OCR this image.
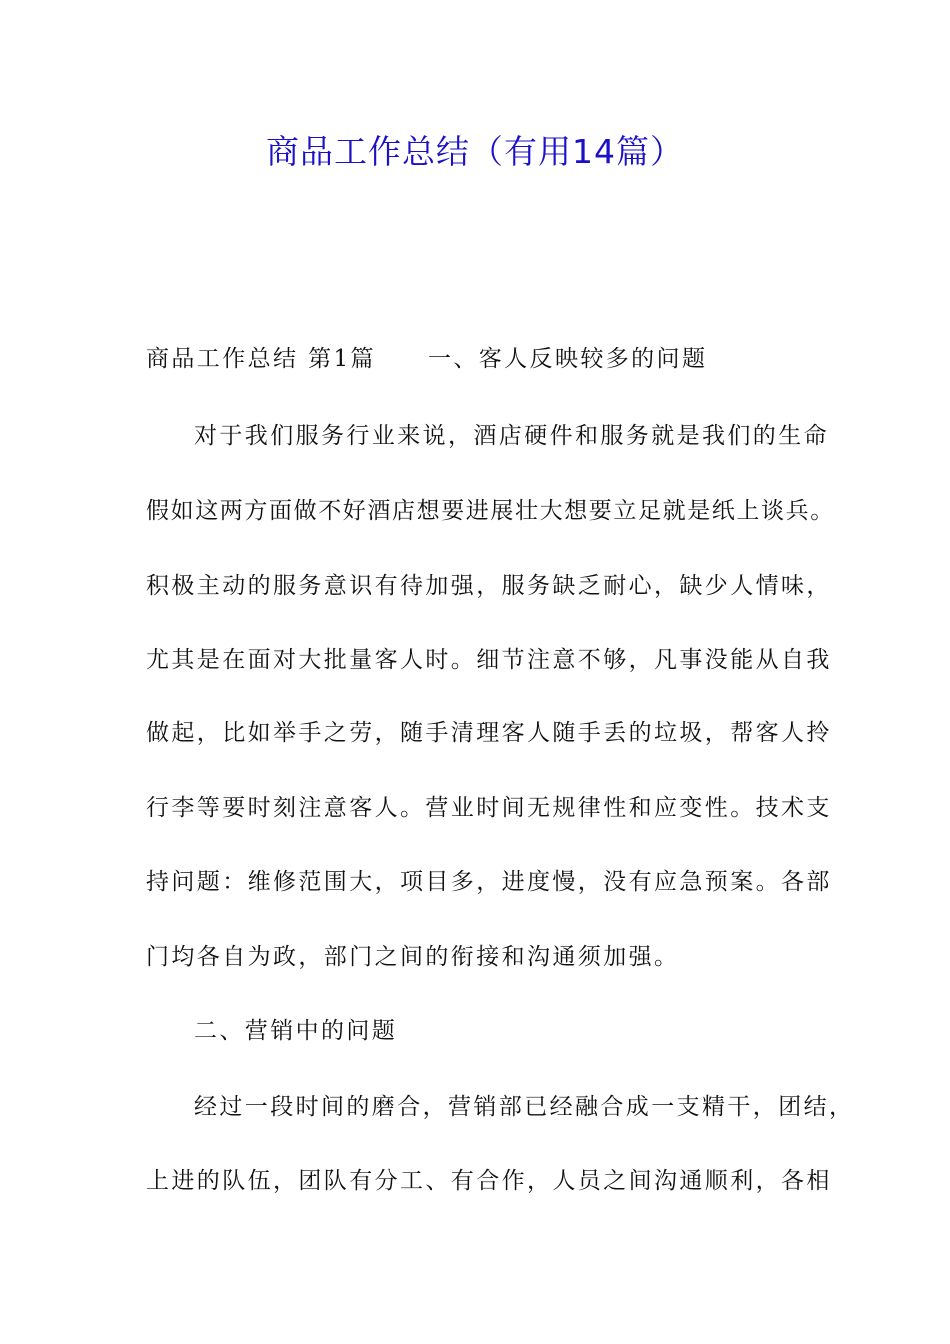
商品工作总结（有用14篇）
商品工作总结 第1篇 一、客人反映较多的问题
对于我们服务行业来说，酒店硬件和服务就是我们的生命
假如这两方面做不好酒店想要进展壮大想要立足就是纸上谈兵。
积极主动的服务意识有待加强，服务缺乏耐心，缺少人情味，
尤其是在面对大批量客人时。细节注意不够，凡事没能从自我
做起，比如举手之劳，随手清理客人随手丢的垃圾，帮客人拎
行李等要时刻注意客人。营业时间无规律性和应变性。技术支
持问题：维修范围大，项目多，进度慢，没有应急预案。各部
门均各自为政，部门之间的衔接和沟通须加强。
二、营销中的问题
经过一段时间的磨合，营销部已经融合成一支精干，团结，
上进的队伍，团队有分工、有合作，人员之间沟通顺利，各相
